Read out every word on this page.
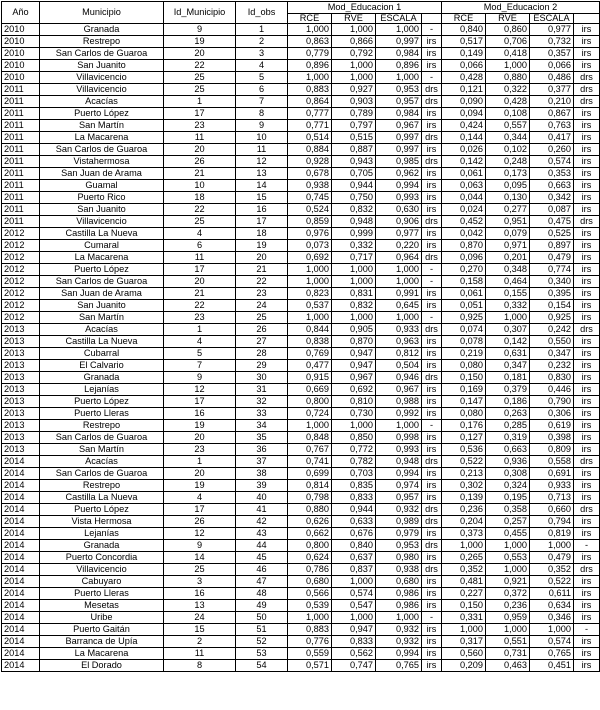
Año	Municipio	Id_Municipio	Id_obs	Mod_Educacion 1				Mod_Educacion 2			
				RCE	RVE	ESCALA		RCE	RVE	ESCALA	
2010	Granada	9	1	1,000	1,000	1,000	-	0,840	0,860	0,977	irs
2010	Restrepo	19	2	0,863	0,866	0,997	irs	0,517	0,706	0,732	irs
2010	San Carlos de Guaroa	20	3	0,779	0,792	0,984	irs	0,149	0,418	0,357	irs
2010	San Juanito	22	4	0,896	1,000	0,896	irs	0,066	1,000	0,066	irs
2010	Villavicencio	25	5	1,000	1,000	1,000	-	0,428	0,880	0,486	drs
2011	Villavicencio	25	6	0,883	0,927	0,953	drs	0,121	0,322	0,377	drs
2011	Acacías	1	7	0,864	0,903	0,957	drs	0,090	0,428	0,210	drs
2011	Puerto López	17	8	0,777	0,789	0,984	irs	0,094	0,108	0,867	irs
2011	San Martín	23	9	0,771	0,797	0,967	irs	0,424	0,557	0,763	irs
2011	La Macarena	11	10	0,514	0,515	0,997	drs	0,144	0,344	0,417	irs
2011	San Carlos de Guaroa	20	11	0,884	0,887	0,997	irs	0,026	0,102	0,260	irs
2011	Vistahermosa	26	12	0,928	0,943	0,985	drs	0,142	0,248	0,574	irs
2011	San Juan de Arama	21	13	0,678	0,705	0,962	irs	0,061	0,173	0,353	irs
2011	Guamal	10	14	0,938	0,944	0,994	irs	0,063	0,095	0,663	irs
2011	Puerto Rico	18	15	0,745	0,750	0,993	irs	0,044	0,130	0,342	irs
2011	San Juanito	22	16	0,524	0,832	0,630	irs	0,024	0,277	0,087	irs
2011	Villavicencio	25	17	0,859	0,948	0,906	drs	0,452	0,951	0,475	drs
2012	Castilla La Nueva	4	18	0,976	0,999	0,977	irs	0,042	0,079	0,525	irs
2012	Cumaral	6	19	0,073	0,332	0,220	irs	0,870	0,971	0,897	irs
2012	La Macarena	11	20	0,692	0,717	0,964	drs	0,096	0,201	0,479	irs
2012	Puerto López	17	21	1,000	1,000	1,000	-	0,270	0,348	0,774	irs
2012	San Carlos de Guaroa	20	22	1,000	1,000	1,000	-	0,158	0,464	0,340	irs
2012	San Juan de Arama	21	23	0,823	0,831	0,991	irs	0,061	0,155	0,395	irs
2012	San Juanito	22	24	0,537	0,832	0,645	irs	0,051	0,332	0,154	irs
2012	San Martín	23	25	1,000	1,000	1,000	-	0,925	1,000	0,925	irs
2013	Acacías	1	26	0,844	0,905	0,933	drs	0,074	0,307	0,242	drs
2013	Castilla La Nueva	4	27	0,838	0,870	0,963	irs	0,078	0,142	0,550	irs
2013	Cubarral	5	28	0,769	0,947	0,812	irs	0,219	0,631	0,347	irs
2013	El Calvario	7	29	0,477	0,947	0,504	irs	0,080	0,347	0,232	irs
2013	Granada	9	30	0,915	0,967	0,946	drs	0,150	0,181	0,830	irs
2013	Lejanías	12	31	0,669	0,692	0,967	irs	0,169	0,379	0,446	irs
2013	Puerto López	17	32	0,800	0,810	0,988	irs	0,147	0,186	0,790	irs
2013	Puerto Lleras	16	33	0,724	0,730	0,992	irs	0,080	0,263	0,306	irs
2013	Restrepo	19	34	1,000	1,000	1,000	-	0,176	0,285	0,619	irs
2013	San Carlos de Guaroa	20	35	0,848	0,850	0,998	irs	0,127	0,319	0,398	irs
2013	San Martín	23	36	0,767	0,772	0,993	irs	0,536	0,663	0,809	irs
2014	Acacías	1	37	0,741	0,782	0,948	drs	0,522	0,936	0,558	drs
2014	San Carlos de Guaroa	20	38	0,699	0,703	0,994	irs	0,213	0,308	0,691	irs
2014	Restrepo	19	39	0,814	0,835	0,974	irs	0,302	0,324	0,933	irs
2014	Castilla La Nueva	4	40	0,798	0,833	0,957	irs	0,139	0,195	0,713	irs
2014	Puerto López	17	41	0,880	0,944	0,932	drs	0,236	0,358	0,660	drs
2014	Vista Hermosa	26	42	0,626	0,633	0,989	drs	0,204	0,257	0,794	irs
2014	Lejanías	12	43	0,662	0,676	0,979	irs	0,373	0,455	0,819	irs
2014	Granada	9	44	0,800	0,840	0,953	drs	1,000	1,000	1,000	-
2014	Puerto Concordia	14	45	0,624	0,637	0,980	irs	0,265	0,553	0,479	irs
2014	Villavicencio	25	46	0,786	0,837	0,938	drs	0,352	1,000	0,352	drs
2014	Cabuyaro	3	47	0,680	1,000	0,680	irs	0,481	0,921	0,522	irs
2014	Puerto Lleras	16	48	0,566	0,574	0,986	irs	0,227	0,372	0,611	irs
2014	Mesetas	13	49	0,539	0,547	0,986	irs	0,150	0,236	0,634	irs
2014	Uribe	24	50	1,000	1,000	1,000	-	0,331	0,959	0,346	irs
2014	Puerto Gaitán	15	51	0,883	0,947	0,932	irs	1,000	1,000	1,000	-
2014	Barranca de Upía	2	52	0,776	0,833	0,932	irs	0,317	0,551	0,574	irs
2014	La Macarena	11	53	0,559	0,562	0,994	irs	0,560	0,731	0,765	irs
2014	El Dorado	8	54	0,571	0,747	0,765	irs	0,209	0,463	0,451	irs
